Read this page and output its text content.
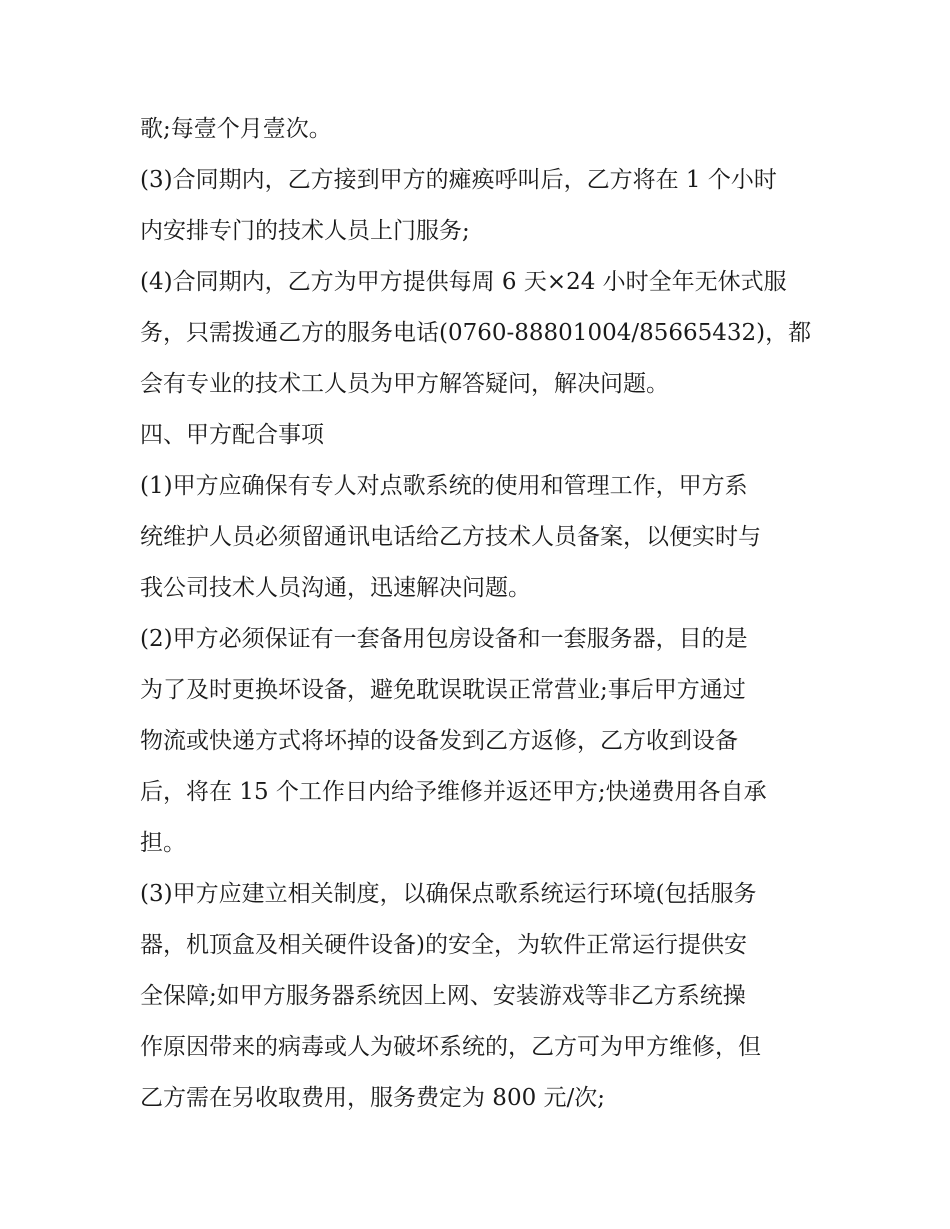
歌;每壹个月壹次。
(3)合同期内，乙方接到甲方的瘫痪呼叫后，乙方将在 1 个小时
内安排专门的技术人员上门服务;
(4)合同期内，乙方为甲方提供每周 6 天×24 小时全年无休式服
务，只需拨通乙方的服务电话(0760-88801004/85665432)，都
会有专业的技术工人员为甲方解答疑问，解决问题。
四、甲方配合事项
(1)甲方应确保有专人对点歌系统的使用和管理工作，甲方系
统维护人员必须留通讯电话给乙方技术人员备案，以便实时与
我公司技术人员沟通，迅速解决问题。
(2)甲方必须保证有一套备用包房设备和一套服务器，目的是
为了及时更换坏设备，避免耽误耽误正常营业;事后甲方通过
物流或快递方式将坏掉的设备发到乙方返修，乙方收到设备
后，将在 15 个工作日内给予维修并返还甲方;快递费用各自承
担。
(3)甲方应建立相关制度，以确保点歌系统运行环境(包括服务
器，机顶盒及相关硬件设备)的安全，为软件正常运行提供安
全保障;如甲方服务器系统因上网、安装游戏等非乙方系统操
作原因带来的病毒或人为破坏系统的，乙方可为甲方维修，但
乙方需在另收取费用，服务费定为 800 元/次;
